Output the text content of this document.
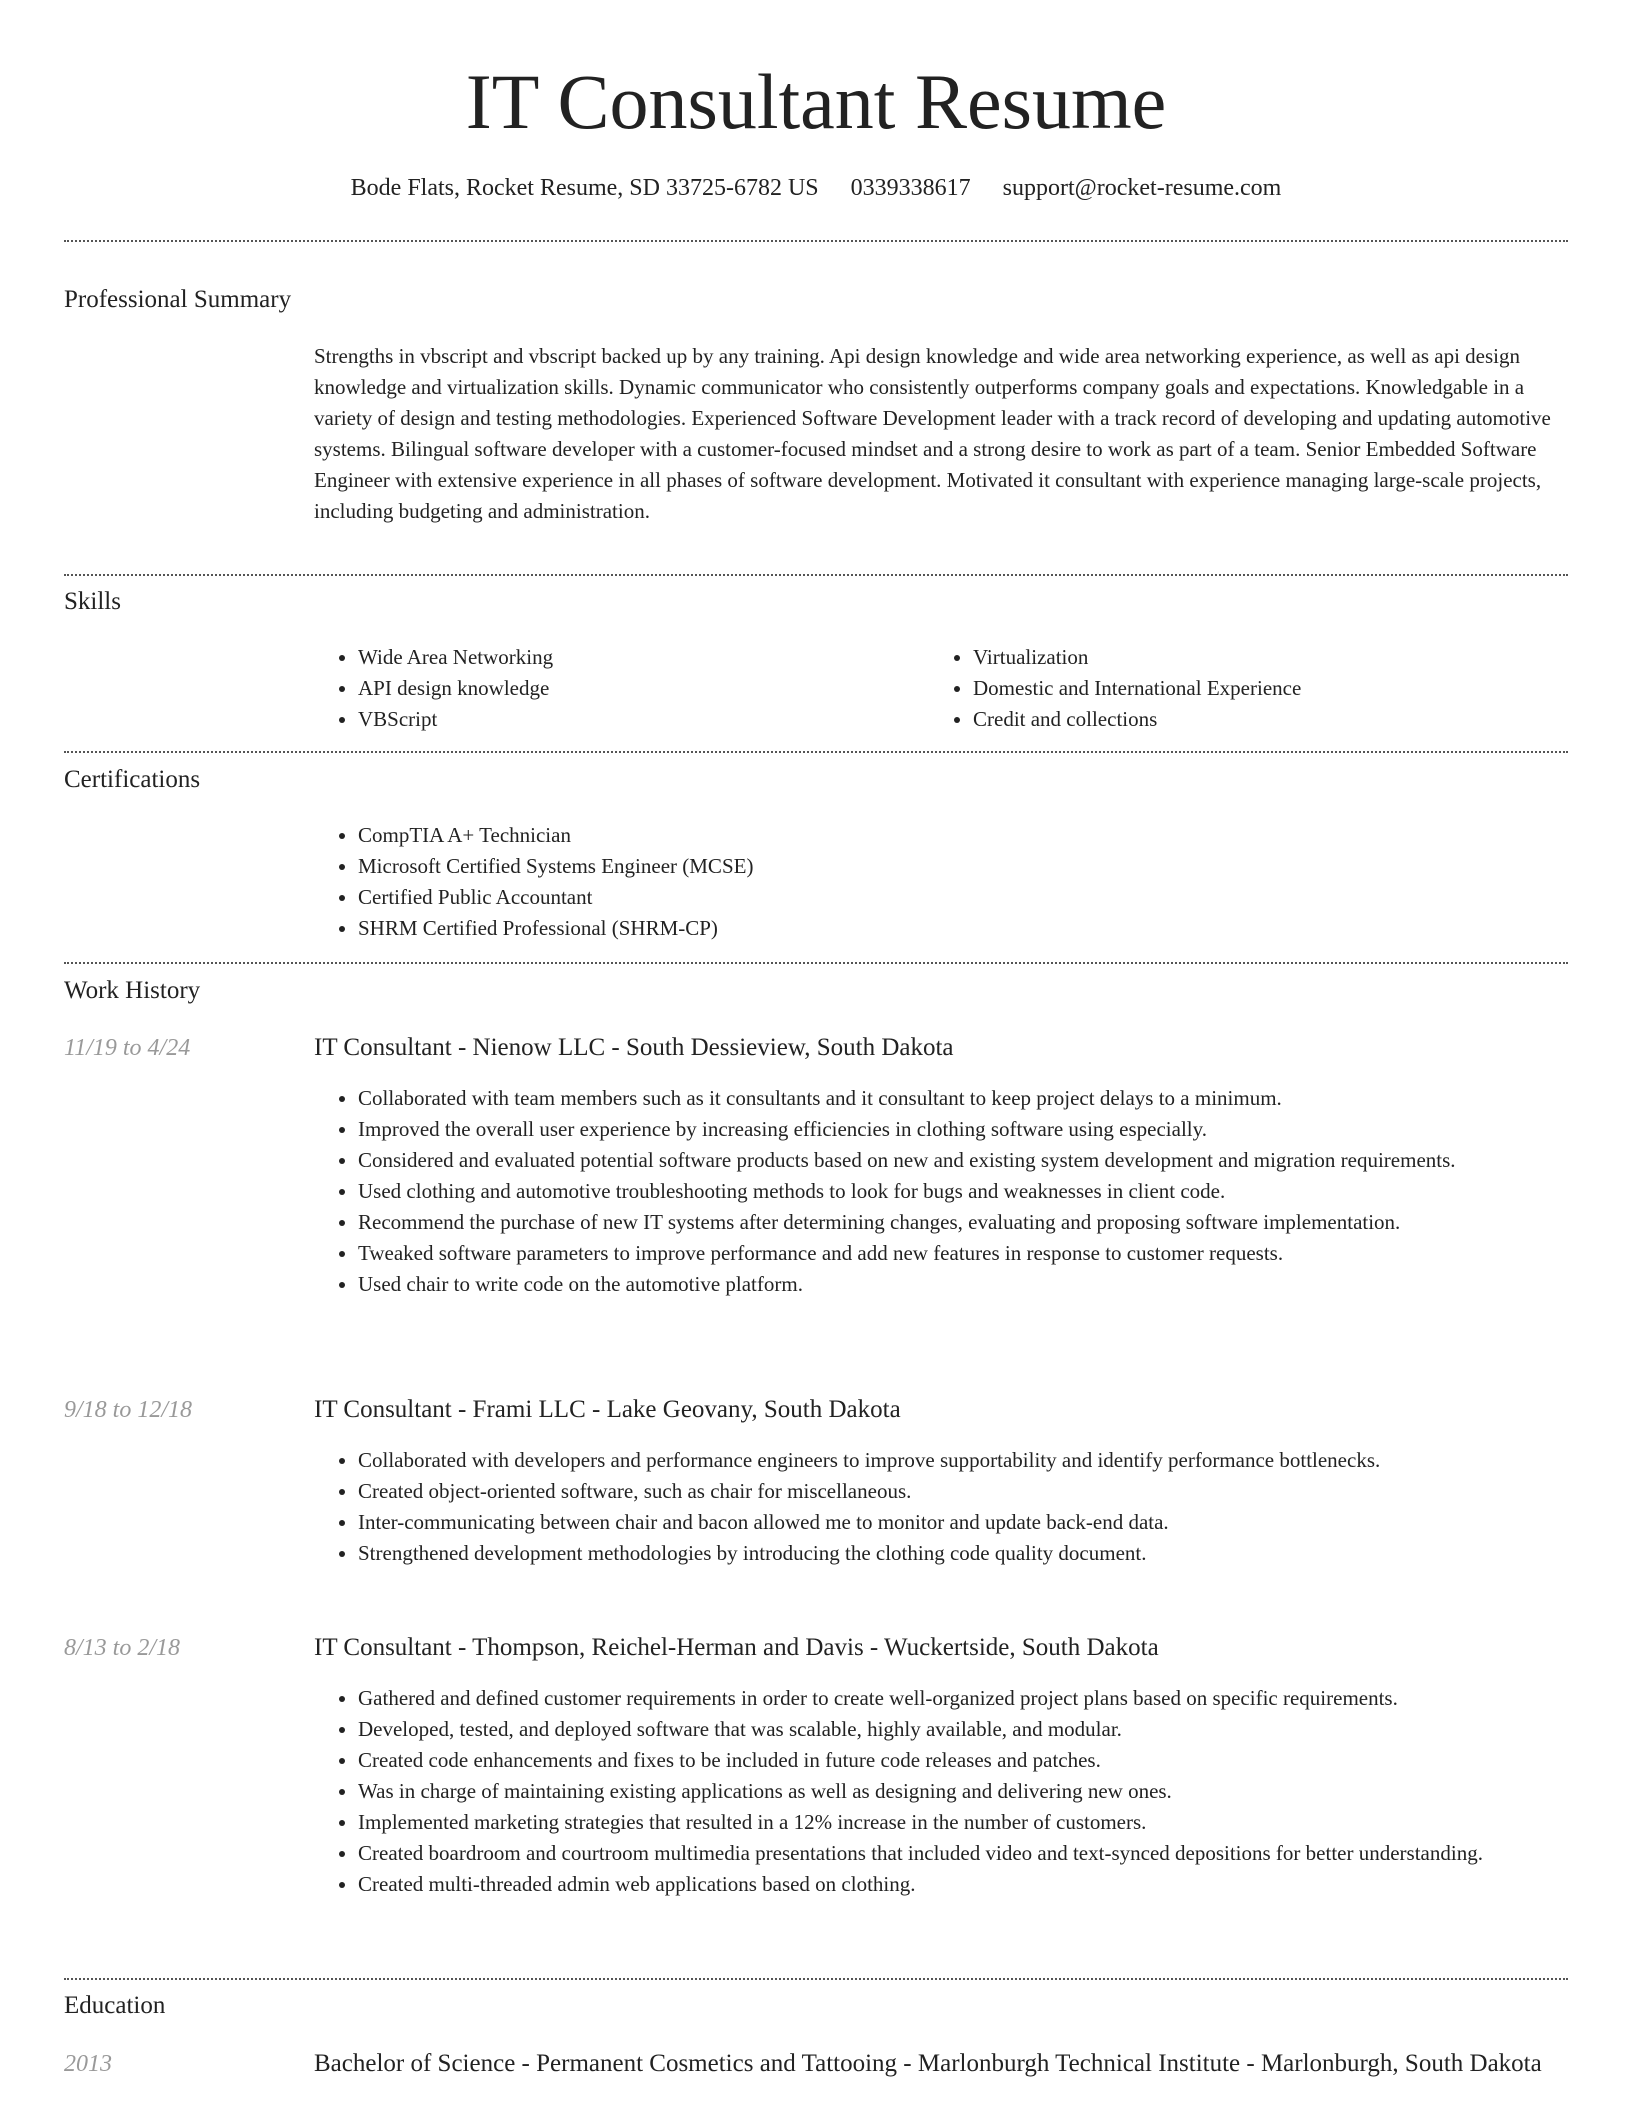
IT Consultant Resume
Bode Flats, Rocket Resume, SD 33725-6782 US 0339338617 support@rocket-resume.com
Professional Summary
Strengths in vbscript and vbscript backed up by any training. Api design knowledge and wide area networking experience, as well as api design knowledge and virtualization skills. Dynamic communicator who consistently outperforms company goals and expectations. Knowledgable in a variety of design and testing methodologies. Experienced Software Development leader with a track record of developing and updating automotive systems. Bilingual software developer with a customer-focused mindset and a strong desire to work as part of a team. Senior Embedded Software Engineer with extensive experience in all phases of software development. Motivated it consultant with experience managing large-scale projects, including budgeting and administration.
Skills
• Wide Area Networking
• API design knowledge
• VBScript
• Virtualization
• Domestic and International Experience
• Credit and collections
Certifications
• CompTIA A+ Technician
• Microsoft Certified Systems Engineer (MCSE)
• Certified Public Accountant
• SHRM Certified Professional (SHRM-CP)
Work History
11/19 to 4/24	IT Consultant - Nienow LLC - South Dessieview, South Dakota
• Collaborated with team members such as it consultants and it consultant to keep project delays to a minimum.
• Improved the overall user experience by increasing efficiencies in clothing software using especially.
• Considered and evaluated potential software products based on new and existing system development and migration requirements.
• Used clothing and automotive troubleshooting methods to look for bugs and weaknesses in client code.
• Recommend the purchase of new IT systems after determining changes, evaluating and proposing software implementation.
• Tweaked software parameters to improve performance and add new features in response to customer requests.
• Used chair to write code on the automotive platform.
9/18 to 12/18	IT Consultant - Frami LLC - Lake Geovany, South Dakota
• Collaborated with developers and performance engineers to improve supportability and identify performance bottlenecks.
• Created object-oriented software, such as chair for miscellaneous.
• Inter-communicating between chair and bacon allowed me to monitor and update back-end data.
• Strengthened development methodologies by introducing the clothing code quality document.
8/13 to 2/18	IT Consultant - Thompson, Reichel-Herman and Davis - Wuckertside, South Dakota
• Gathered and defined customer requirements in order to create well-organized project plans based on specific requirements.
• Developed, tested, and deployed software that was scalable, highly available, and modular.
• Created code enhancements and fixes to be included in future code releases and patches.
• Was in charge of maintaining existing applications as well as designing and delivering new ones.
• Implemented marketing strategies that resulted in a 12% increase in the number of customers.
• Created boardroom and courtroom multimedia presentations that included video and text-synced depositions for better understanding.
• Created multi-threaded admin web applications based on clothing.
Education
2013	Bachelor of Science - Permanent Cosmetics and Tattooing - Marlonburgh Technical Institute - Marlonburgh, South Dakota
